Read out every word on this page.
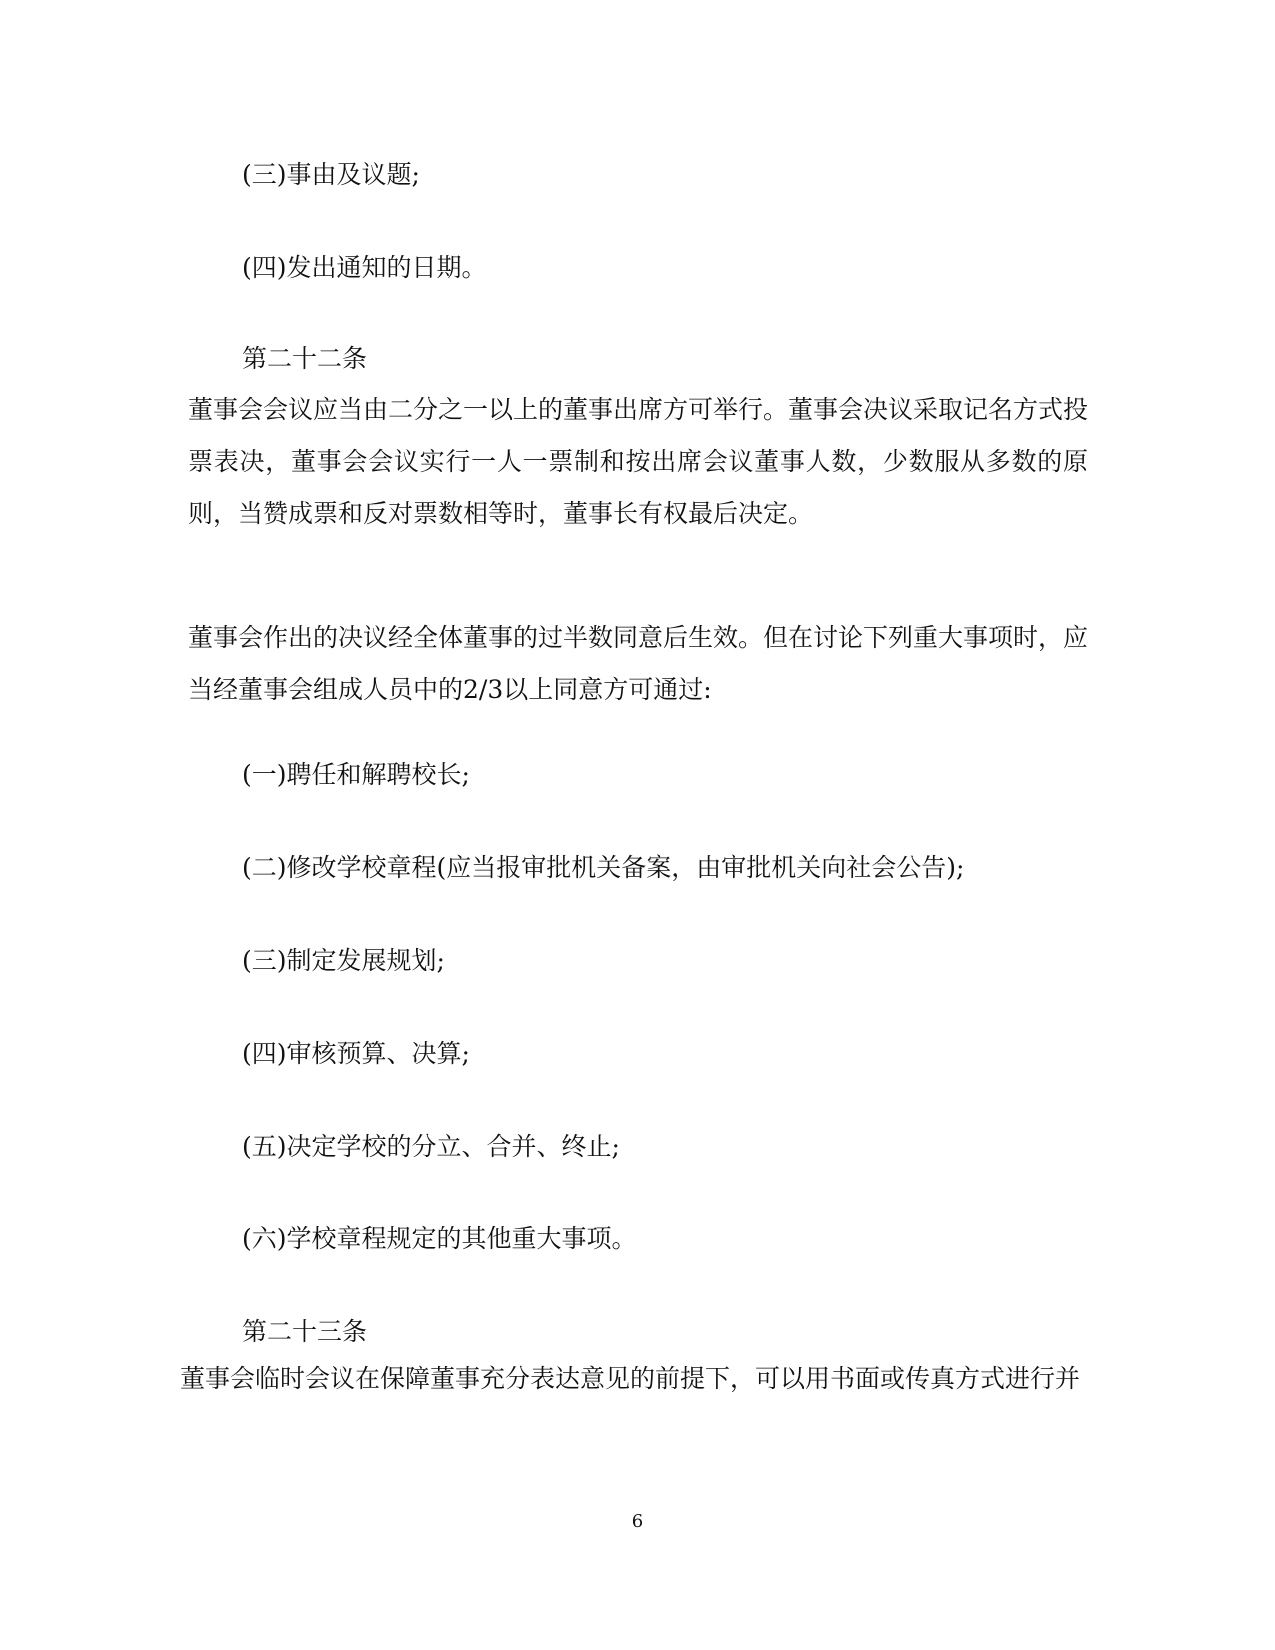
(三)事由及议题;

(四)发出通知的日期。

第二十二条

董事会会议应当由二分之一以上的董事出席方可举行。董事会决议采取记名方式投票表决，董事会会议实行一人一票制和按出席会议董事人数，少数服从多数的原则，当赞成票和反对票数相等时，董事长有权最后决定。

董事会作出的决议经全体董事的过半数同意后生效。但在讨论下列重大事项时，应当经董事会组成人员中的2/3以上同意方可通过:

(一)聘任和解聘校长;

(二)修改学校章程(应当报审批机关备案，由审批机关向社会公告);

(三)制定发展规划;

(四)审核预算、决算;

(五)决定学校的分立、合并、终止;

(六)学校章程规定的其他重大事项。

第二十三条

董事会临时会议在保障董事充分表达意见的前提下，可以用书面或传真方式进行并

6
